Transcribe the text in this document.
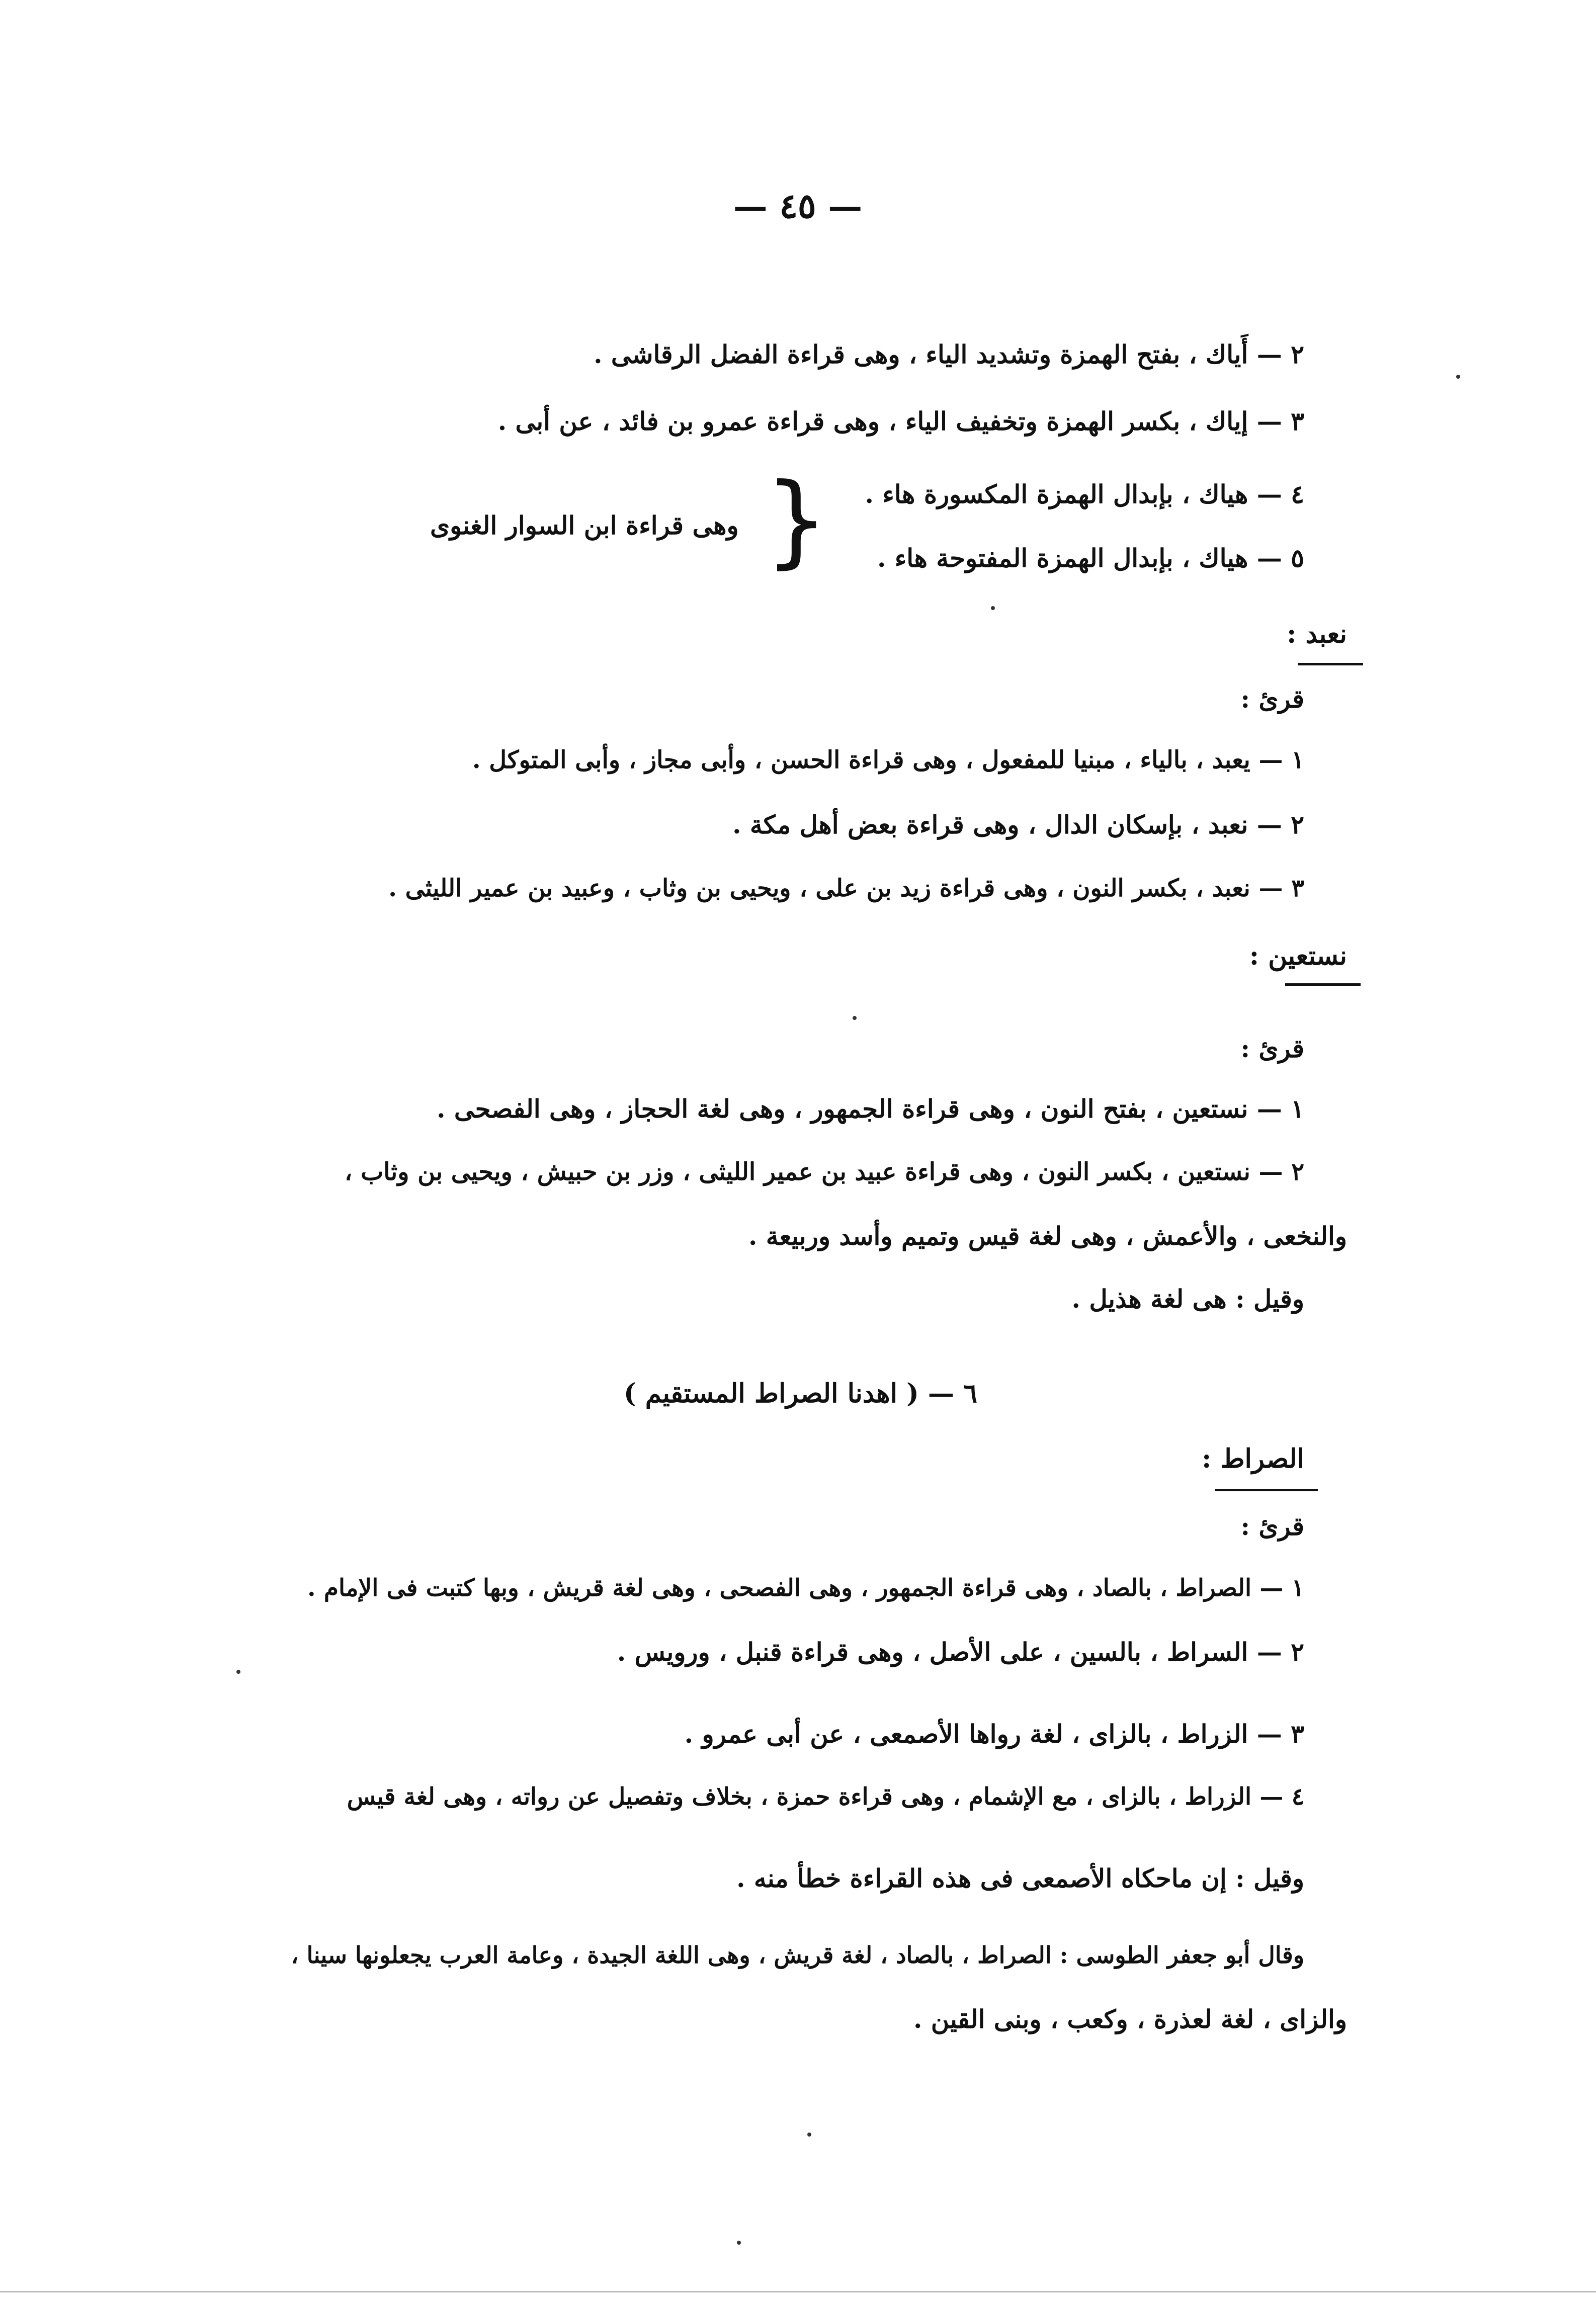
— ٤٥ —
٢ — أَياك ، بفتح الهمزة وتشديد الياء ، وهى قراءة الفضل الرقاشى .
٣ — إياك ، بكسر الهمزة وتخفيف الياء ، وهى قراءة عمرو بن فائد ، عن أبى .
٤ — هياك ، بإبدال الهمزة المكسورة هاء .
٥ — هياك ، بإبدال الهمزة المفتوحة هاء .
{
وهى قراءة ابن السوار الغنوى
نعبد :
قرئ :
١ — يعبد ، بالياء ، مبنيا للمفعول ، وهى قراءة الحسن ، وأبى مجاز ، وأبى المتوكل .
٢ — نعبد ، بإسكان الدال ، وهى قراءة بعض أهل مكة .
٣ — نعبد ، بكسر النون ، وهى قراءة زيد بن على ، ويحيى بن وثاب ، وعبيد بن عمير الليثى .
نستعين :
قرئ :
١ — نستعين ، بفتح النون ، وهى قراءة الجمهور ، وهى لغة الحجاز ، وهى الفصحى .
٢ — نستعين ، بكسر النون ، وهى قراءة عبيد بن عمير الليثى ، وزر بن حبيش ، ويحيى بن وثاب ،
والنخعى ، والأعمش ، وهى لغة قيس وتميم وأسد وربيعة .
وقيل : هى لغة هذيل .
٦ — ( اهدنا الصراط المستقيم )
الصراط :
قرئ :
١ — الصراط ، بالصاد ، وهى قراءة الجمهور ، وهى الفصحى ، وهى لغة قريش ، وبها كتبت فى الإمام .
٢ — السراط ، بالسين ، على الأصل ، وهى قراءة قنبل ، ورويس .
٣ — الزراط ، بالزاى ، لغة رواها الأصمعى ، عن أبى عمرو .
٤ — الزراط ، بالزاى ، مع الإشمام ، وهى قراءة حمزة ، بخلاف وتفصيل عن رواته ، وهى لغة قيس
وقيل : إن ماحكاه الأصمعى فى هذه القراءة خطأ منه .
وقال أبو جعفر الطوسى : الصراط ، بالصاد ، لغة قريش ، وهى اللغة الجيدة ، وعامة العرب يجعلونها سينا ،
والزاى ، لغة لعذرة ، وكعب ، وبنى القين .
